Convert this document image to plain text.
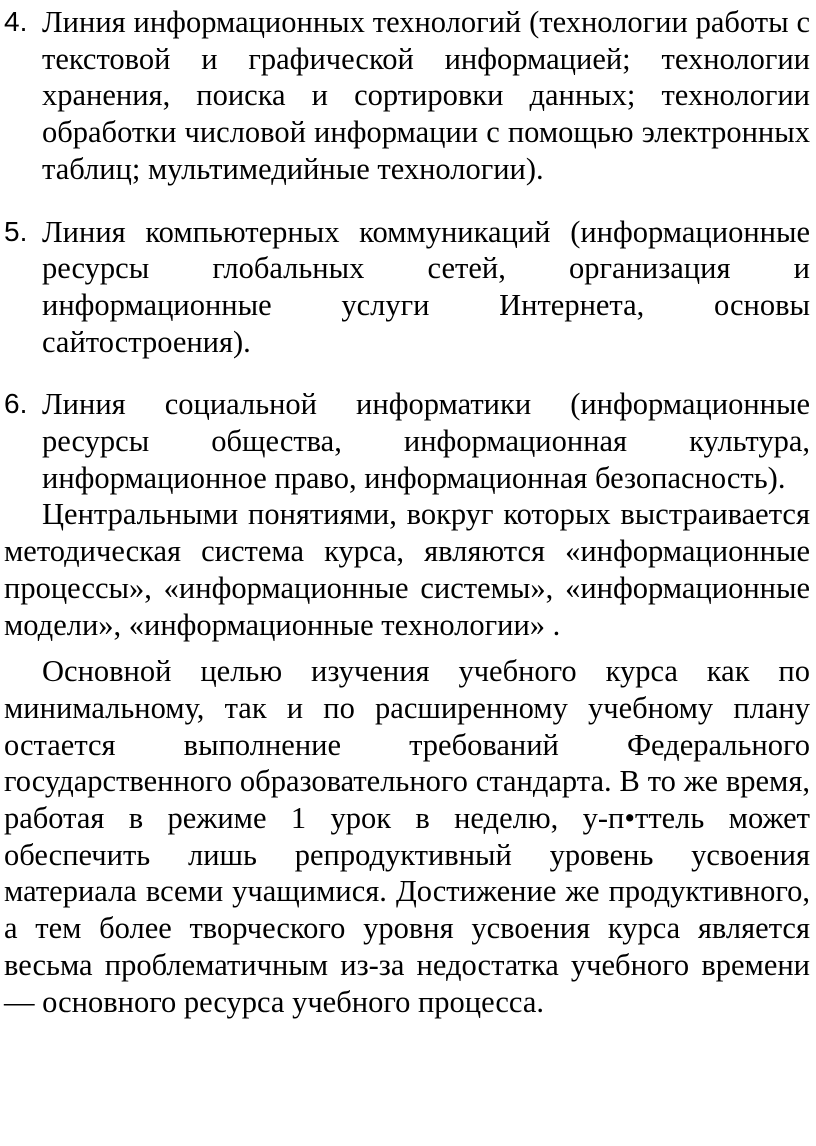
4. Линия информационных технологий (технологии работы с текстовой и графической информацией; технологии хранения, поиска и сортировки данных; технологии обработки числовой информации с помощью электронных таблиц; мультимедийные технологии).
5. Линия компьютерных коммуникаций (информационные ресурсы глобальных сетей, организация и информационные услуги Интернета, основы сайтостроения).
6. Линия социальной информатики (информационные ресурсы общества, информационная культура, информационное право, информационная безопасность).

Центральными понятиями, вокруг которых выстраивается методическая система курса, являются «информационные процессы», «информационные системы», «информационные модели», «информационные технологии» .

Основной целью изучения учебного курса как по минимальному, так и по расширенному учебному плану остается выполнение требований Федерального государственного образовательного стандарта. В то же время, работая в режиме 1 урок в неделю, у-п•ттель может обеспечить лишь репродуктивный уровень усвоения материала всеми учащимися. Достижение же продуктивного, а тем более творческого уровня усвоения курса является весьма проблематичным из-за недостатка учебного времени — основного ресурса учебного процесса.
